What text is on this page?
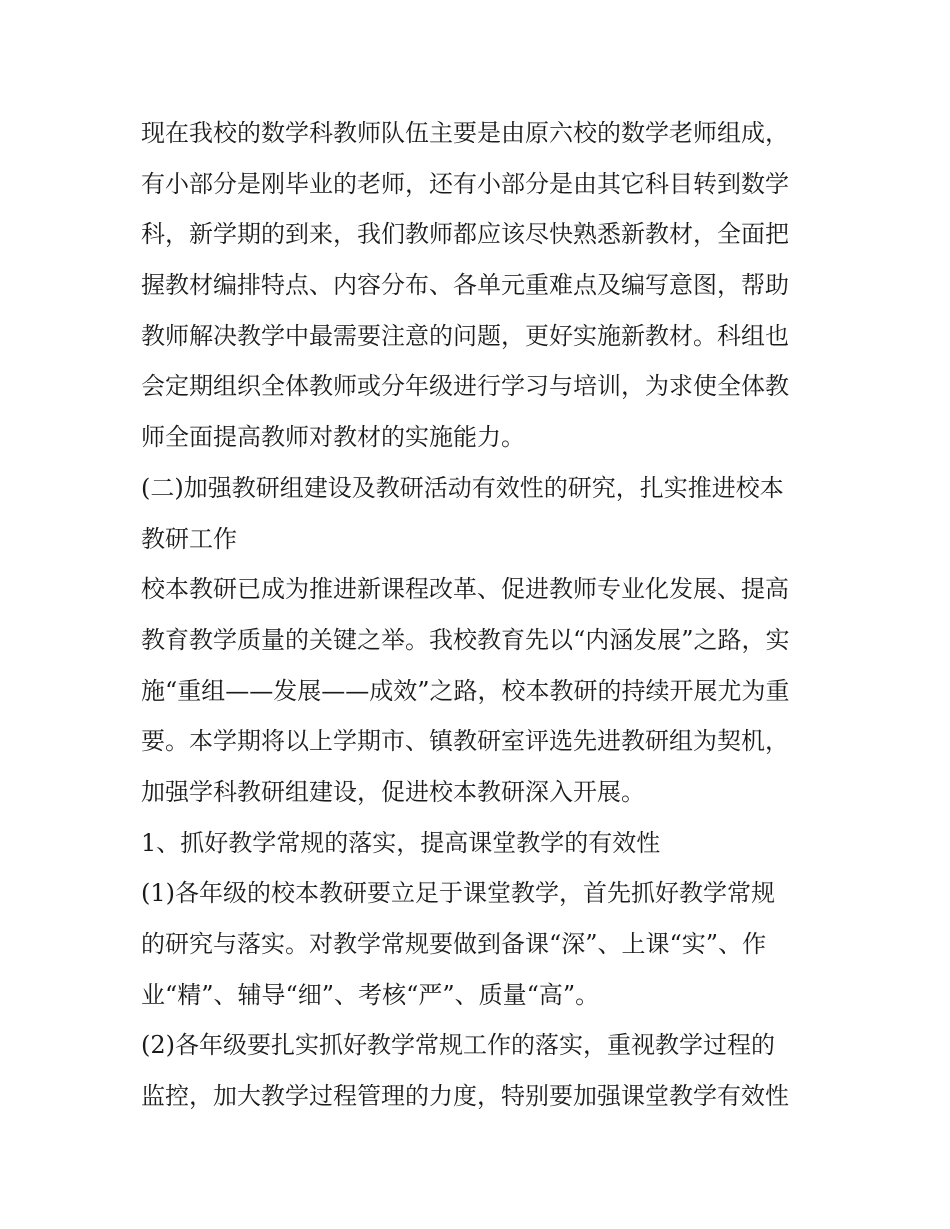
现在我校的数学科教师队伍主要是由原六校的数学老师组成，
有小部分是刚毕业的老师，还有小部分是由其它科目转到数学
科，新学期的到来，我们教师都应该尽快熟悉新教材，全面把
握教材编排特点、内容分布、各单元重难点及编写意图，帮助
教师解决教学中最需要注意的问题，更好实施新教材。科组也
会定期组织全体教师或分年级进行学习与培训，为求使全体教
师全面提高教师对教材的实施能力。
(二)加强教研组建设及教研活动有效性的研究，扎实推进校本
教研工作
校本教研已成为推进新课程改革、促进教师专业化发展、提高
教育教学质量的关键之举。我校教育先以“内涵发展”之路，实
施“重组——发展——成效”之路，校本教研的持续开展尤为重
要。本学期将以上学期市、镇教研室评选先进教研组为契机，
加强学科教研组建设，促进校本教研深入开展。
1、抓好教学常规的落实，提高课堂教学的有效性
(1)各年级的校本教研要立足于课堂教学，首先抓好教学常规
的研究与落实。对教学常规要做到备课“深”、上课“实”、作
业“精”、辅导“细”、考核“严”、质量“高”。
(2)各年级要扎实抓好教学常规工作的落实，重视教学过程的
监控，加大教学过程管理的力度，特别要加强课堂教学有效性
